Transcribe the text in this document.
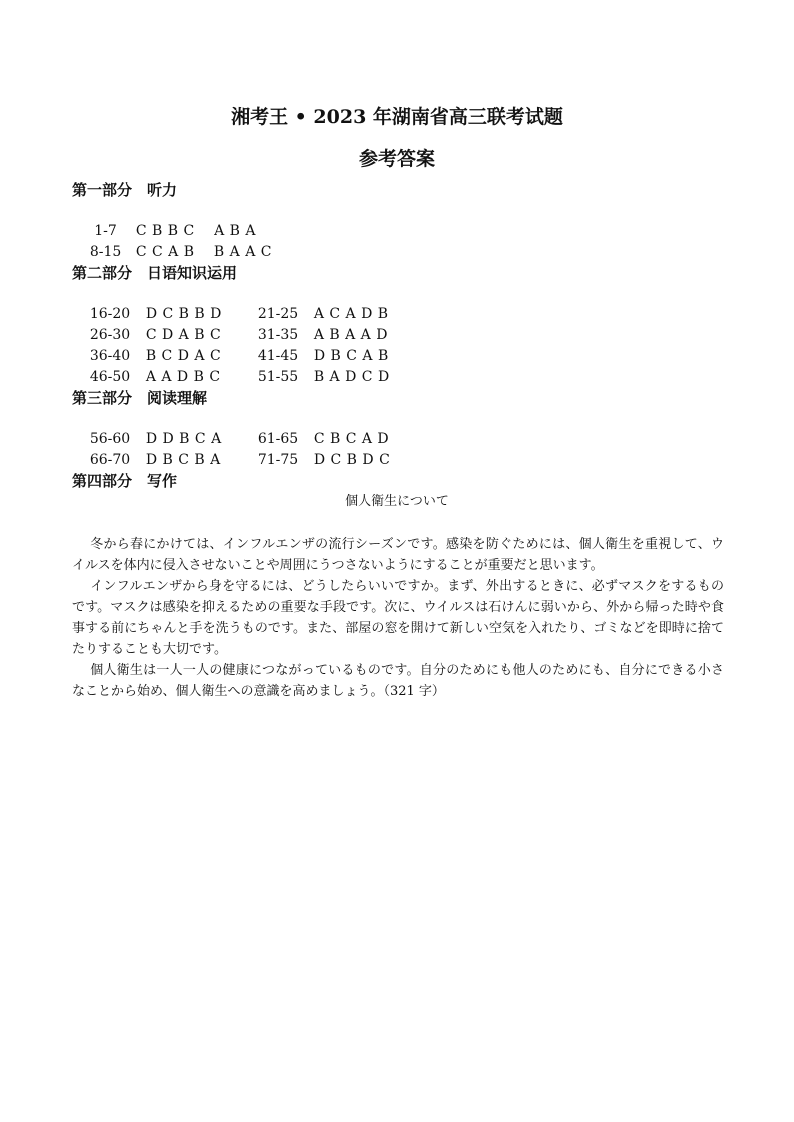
湘考王 • 2023 年湖南省高三联考试题
参考答案
第一部分　听力

1-7 C B B C　 A B A

8-15 C C A B　 B A A C

第二部分　日语知识运用

16-20 D C B B D	21-25 A C A D B

26-30 C D A B C	31-35 A B A A D

36-40 B C D A C	41-45 D B C A B

46-50 A A D B C	51-55 B A D C D

第三部分　阅读理解

56-60 D D B C A	61-65 C B C A D

66-70 D B C B A	71-75 D C B D C

第四部分　写作
個人衛生について

冬から春にかけては、インフルエンザの流行シーズンです。感染を防ぐためには、個人衛生を重視して、ウイルスを体内に侵入させないことや周囲にうつさないようにすることが重要だと思います。

インフルエンザから身を守るには、どうしたらいいですか。まず、外出するときに、必ずマスクをするものです。マスクは感染を抑えるための重要な手段です。次に、ウイルスは石けんに弱いから、外から帰った時や食事する前にちゃんと手を洗うものです。また、部屋の窓を開けて新しい空気を入れたり、ゴミなどを即時に捨てたりすることも大切です。

個人衛生は一人一人の健康につながっているものです。自分のためにも他人のためにも、自分にできる小さなことから始め、個人衛生への意識を高めましょう。（321 字）
